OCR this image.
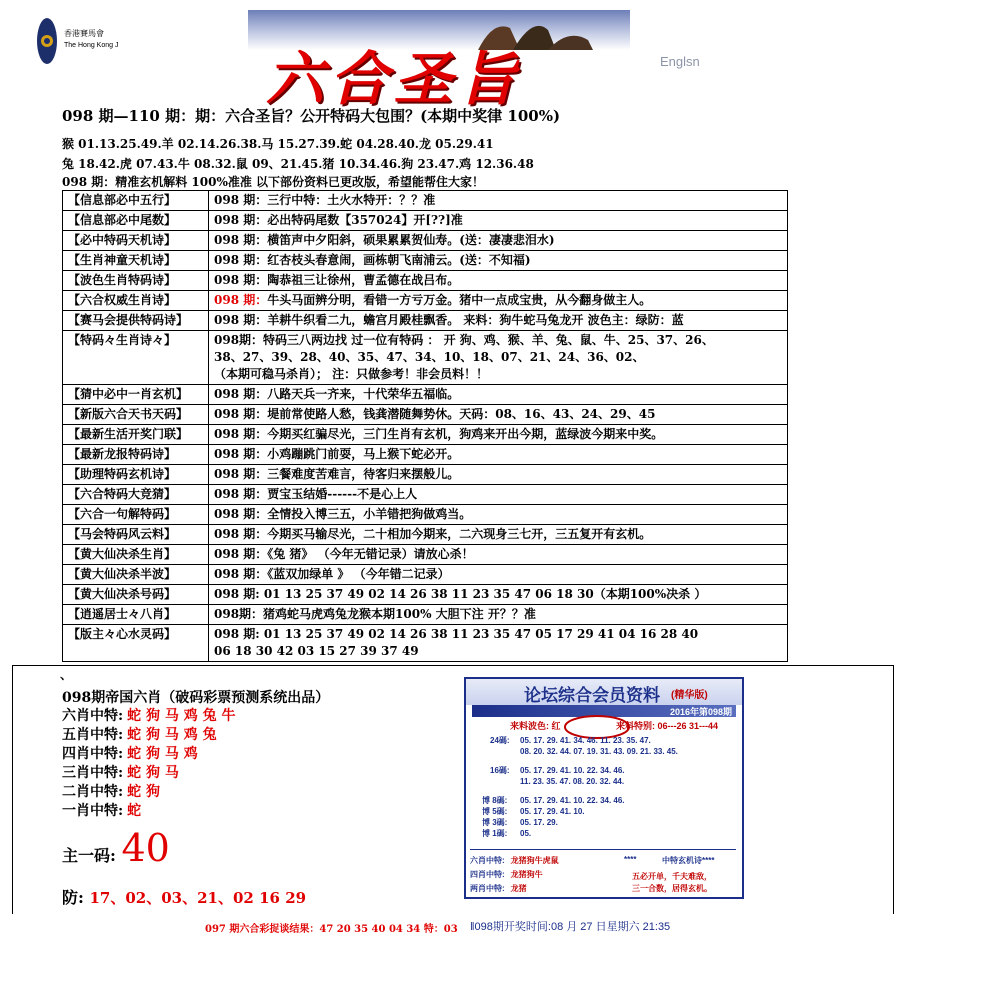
香港賽馬會
The Hong Kong J	六合圣旨	Englsn
098 期—110 期：期：六合圣旨？公开特码大包围？(本期中奖律 100%)
猴 01.13.25.49.羊 02.14.26.38.马 15.27.39.蛇 04.28.40.龙 05.29.41
兔 18.42.虎 07.43.牛 08.32.鼠 09、21.45.猪 10.34.46.狗 23.47.鸡 12.36.48
098 期：精准玄机解料 100%准准 以下部份资料已更改版，希望能帮住大家！
【信息部必中五行】	098 期：三行中特：土火水特开：？？准

【信息部必中尾数】	098 期：必出特码尾数【357024】开[??]准

【必中特码天机诗】	098 期：横笛声中夕阳斜，硕果累累贺仙寿。(送：凄凄悲泪水)

【生肖神童天机诗】	098 期：红杏枝头春意闹，画栋朝飞南浦云。(送：不知福)

【波色生肖特码诗】	098 期：陶恭祖三让徐州，曹孟德在战吕布。

【六合权威生肖诗】	098 期：牛头马面辨分明，看错一方亏万金。猪中一点成宝贵，从今翻身做主人。
【赛马会提供特码诗】	098 期：羊耕牛织看二九，蟾宫月殿桂飘香。 来料：狗牛蛇马兔龙开 波色主：绿防：蓝

【特码々生肖诗々】	098期：特码三八两边找 过一位有特码 ： 开 狗、鸡、猴、羊、兔、鼠、牛、25、37、26、
38、27、39、28、40、35、47、34、10、18、07、21、24、36、02、
（本期可稳马杀肖）； 注：只做参考！非会员料！！

【猜中必中一肖玄机】	098 期：八路天兵一齐来，十代荣华五福临。

【新版六合天书天码】	098 期：堤前常使路人愁，钱龚潜随舞势休。天码：08、16、43、24、29、45

【最新生活开奖门联】	098 期：今期买红骗尽光，三门生肖有玄机，狗鸡来开出今期，蓝绿波今期来中奖。

【最新龙报特码诗】	098 期：小鸡蹦跳门前耍，马上猴下蛇必开。

【助理特码玄机诗】	098 期：三餐难度苦难言，待客归来摆般儿。

【六合特码大竞猜】	098 期：贾宝玉结婚------不是心上人

【六合一句解特码】	098 期：全情投入博三五，小羊错把狗做鸡当。

【马会特码风云料】	098 期：今期买马输尽光，二十相加今期来，二六现身三七开，三五复开有玄机。

【黄大仙决杀生肖】	098 期：《兔 猪》 （今年无错记录）请放心杀！

【黄大仙决杀半波】	098 期：《蓝双加绿单 》 （今年错二记录）

【黄大仙决杀号码】	098 期: 01 13 25 37 49 02 14 26 38 11 23 35 47 06 18 30（本期100%决杀 ）

【逍遥居士々八肖】	098期：猪鸡蛇马虎鸡兔龙猴本期100% 大胆下注 开？？准

【版主々心水灵码】	098 期: 01 13 25 37 49 02 14 26 38 11 23 35 47 05 17 29 41 04 16 28 40
06 18 30 42 03 15 27 39 37 49
、
098期帝国六肖（破码彩票预测系统出品）
六肖中特: 蛇 狗 马 鸡 兔 牛
五肖中特: 蛇 狗 马 鸡 兔
四肖中特: 蛇 狗 马 鸡
三肖中特: 蛇 狗 马
二肖中特: 蛇 狗
一肖中特: 蛇
主一码: 40
防: 17、02、03、21、02 16 29
论坛综合会员资料 (精华版)
2016年第098期
来料波色: 红	来料特别: 06---26 31---44
24碼: 05. 17. 29. 41. 34. 46. 11. 23. 35. 47.
08. 20. 32. 44. 07. 19. 31. 43. 09. 21. 33. 45.
16碼: 05. 17. 29. 41. 10. 22. 34. 46.
11. 23. 35. 47. 08. 20. 32. 44.
博 8碼: 05. 17. 29. 41. 10. 22. 34. 46.
博 5碼: 05. 17. 29. 41. 10.
博 3碼: 05. 17. 29.
博 1碼: 05.
六肖中特: 龙猪狗牛虎鼠
四肖中特: 龙猪狗牛
两肖中特: 龙猪
****	中特玄机诗****
五必开单，千夫难敌，
三一合数，居得玄机。
097 期六合彩捉谈结果：47 20 35 40 04 34 特：03 ‖098期开奖时间:08 月 27 日星期六 21:35
